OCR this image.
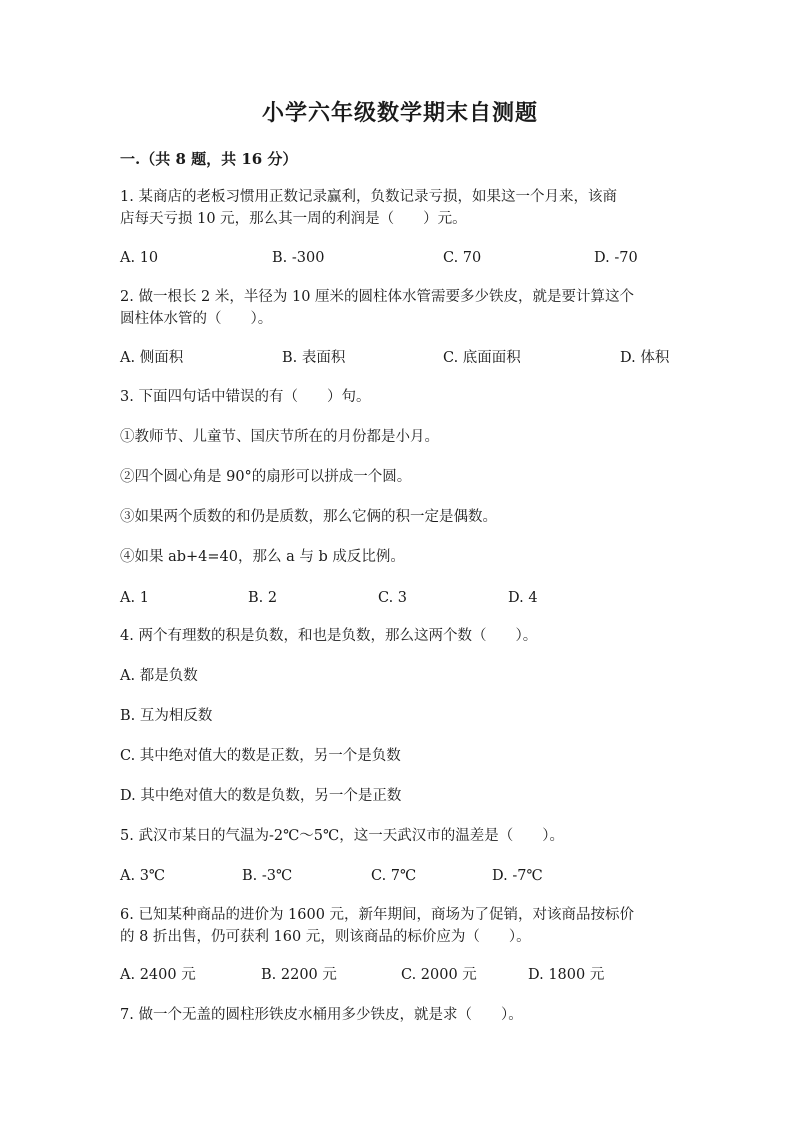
小学六年级数学期末自测题
一.（共 8 题，共 16 分）
1. 某商店的老板习惯用正数记录赢利，负数记录亏损，如果这一个月来，该商
店每天亏损 10 元，那么其一周的利润是（　　）元。
A. 10	B. -300	C. 70	D. -70
2. 做一根长 2 米，半径为 10 厘米的圆柱体水管需要多少铁皮，就是要计算这个
圆柱体水管的（　　）。
A. 侧面积	B. 表面积	C. 底面面积	D. 体积
3. 下面四句话中错误的有（　　）句。
①教师节、儿童节、国庆节所在的月份都是小月。
②四个圆心角是 90°的扇形可以拼成一个圆。
③如果两个质数的和仍是质数，那么它俩的积一定是偶数。
④如果 ab+4=40，那么 a 与 b 成反比例。
A. 1	B. 2	C. 3	D. 4
4. 两个有理数的积是负数，和也是负数，那么这两个数（　　）。
A. 都是负数
B. 互为相反数
C. 其中绝对值大的数是正数，另一个是负数
D. 其中绝对值大的数是负数，另一个是正数
5. 武汉市某日的气温为-2℃～5℃，这一天武汉市的温差是（　　）。
A. 3℃	B. -3℃	C. 7℃	D. -7℃
6. 已知某种商品的进价为 1600 元，新年期间，商场为了促销，对该商品按标价
的 8 折出售，仍可获利 160 元，则该商品的标价应为（　　）。
A. 2400 元	B. 2200 元	C. 2000 元	D. 1800 元
7. 做一个无盖的圆柱形铁皮水桶用多少铁皮，就是求（　　）。
